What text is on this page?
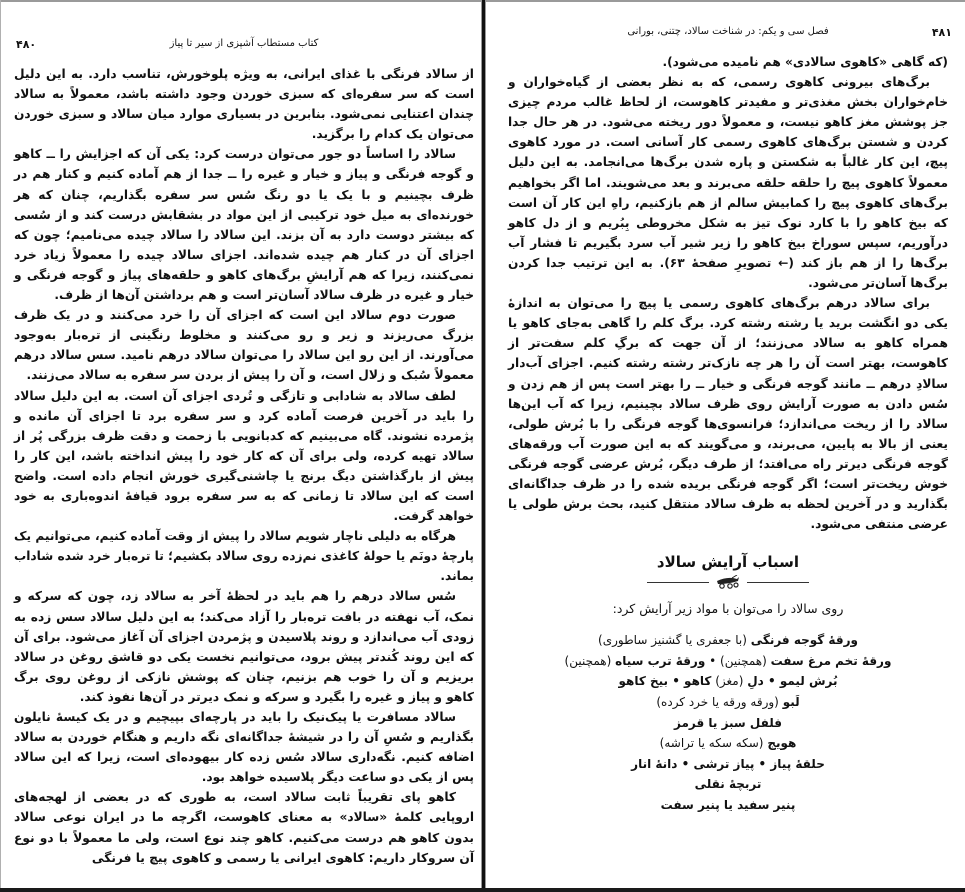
کتاب مستطاب آشپزی از سیر تا پیاز
۴۸۰

از سالاد فرنگی با غذای ایرانی، به ویژه پلوخورش، تناسب دارد. به این دلیل است که سر سفره‌ای که سبزی خوردن وجود داشته باشد، معمولاً به سالاد چندان اعتنایی نمی‌شود. بنابرین در بسیاری موارد میان سالاد و سبزی خوردن می‌توان یک کدام را برگزید.

سالاد را اساساً دو جور می‌توان درست کرد: یکی آن که اجزایش را ــ کاهو و گوجه فرنگی و پیاز و خیار و غیره را ــ جدا از هم آماده کنیم و کنار هم در ظرف بچینیم و با یک یا دو رنگ سُس سر سفره بگذاریم، چنان که هر خورنده‌ای به میل خود ترکیبی از این مواد در بشقابش درست کند و از سُسی که بیشتر دوست دارد به آن بزند. این سالاد را سالاد چیده می‌نامیم؛ چون که اجزای آن در کنار هم چیده شده‌اند. اجزای سالاد چیده را معمولاً زیاد خرد نمی‌کنند، زیرا که هم آرایشِ برگ‌های کاهو و حلقه‌های پیاز و گوجه فرنگی و خیار و غیره در ظرف سالاد آسان‌تر است و هم برداشتن آن‌ها از ظرف.

صورت دوم سالاد این است که اجزای آن را خرد می‌کنند و در یک ظرف بزرگ می‌ریزند و زیر و رو می‌کنند و مخلوط رنگینی از تره‌بار به‌وجود می‌آورند. از این رو این سالاد را می‌توان سالاد درهم نامید. سس سالاد درهم معمولاً سُبک و زلال است، و آن را پیش از بردن سر سفره به سالاد می‌زنند.

لطف سالاد به شادابی و تازگی و تُردی اجزای آن است. به این دلیل سالاد را باید در آخرین فرصت آماده کرد و سر سفره برد تا اجزای آن مانده و پژمرده نشوند. گاه می‌بینیم که کدبانویی با زحمت و دقت ظرف بزرگی پُر از سالاد تهیه کرده، ولی برای آن که کار خود را پیش انداخته باشد، این کار را پیش از بارگذاشتن دیگ برنج یا چاشنی‌گیری خورش انجام داده است. واضح است که این سالاد تا زمانی که به سر سفره برود قیافهٔ اندوه‌باری به خود خواهد گرفت.

هرگاه به دلیلی ناچار شویم سالاد را پیش از وقت آماده کنیم، می‌توانیم یک پارچهٔ دونَم یا حولهٔ کاغذی نم‌زده روی سالاد بکشیم؛ تا تره‌بار خرد شده شاداب بماند.

سُس سالاد درهم را هم باید در لحظهٔ آخر به سالاد زد، چون که سرکه و نمک، آب نهفته در بافت تره‌بار را آزاد می‌کند؛ به این دلیل سالاد سس زده به زودی آب می‌اندازد و روند پلاسیدن و پژمردن اجزای آن آغاز می‌شود. برای آن که این روند کُندتر پیش برود، می‌توانیم نخست یکی دو قاشق روغن در سالاد بریزیم و آن را خوب هم بزنیم، چنان که پوشش نازکی از روغن روی برگ کاهو و پیاز و غیره را بگیرد و سرکه و نمک دیرتر در آن‌ها نفوذ کند.

سالاد مسافرت یا پیک‌نیک را باید در پارچه‌ای بپیچیم و در یک کیسهٔ نایلون بگذاریم و سُسِ آن را در شیشهٔ جداگانه‌ای نگه داریم و هنگام خوردن به سالاد اضافه کنیم. نگه‌داری سالاد سُس زده کار بیهوده‌ای است، زیرا که این سالاد پس از یکی دو ساعت دیگر پلاسیده خواهد بود.

کاهو پای تقریباً ثابت سالاد است، به طوری که در بعضی از لهجه‌های اروپایی کلمهٔ «سالاد» به معنای کاهوست، اگرچه ما در ایران نوعی سالاد بدون کاهو هم درست می‌کنیم. کاهو چند نوع است، ولی ما معمولاً با دو نوع آن سروکار داریم: کاهوی ایرانی یا رسمی و کاهوی پیچ یا فرنگی

فصل سی و یکم: در شناخت سالاد، چتنی، بورانی	۴۸۱

(که گاهی «کاهوی سالادی» هم نامیده می‌شود).

برگ‌های بیرونی کاهوی رسمی، که به نظر بعضی از گیاه‌خواران و خام‌خواران بخش مغذی‌تر و مفیدتر کاهوست، از لحاظ غالب مردم چیزی جز پوشش مغز کاهو نیست، و معمولاً دور ریخته می‌شود. در هر حال جدا کردن و شستن برگ‌های کاهوی رسمی کار آسانی است. در مورد کاهوی پیچ، این کار غالباً به شکستن و پاره شدن برگ‌ها می‌انجامد. به این دلیل معمولاً کاهوی پیچ را حلقه حلقه می‌برند و بعد می‌شویند. اما اگر بخواهیم برگ‌های کاهوی پیچ را کمابیش سالم از هم بازکنیم، راهِ این کار آن است که بیخ کاهو را با کارد نوک تیز به شکل مخروطی بِبُریم و از دل کاهو درآوریم، سپس سوراخ بیخ کاهو را زیر شیر آب سرد بگیریم تا فشار آب برگ‌ها را از هم باز کند (← تصویرِ صفحهٔ ۶۳). به این ترتیب جدا کردن برگ‌ها آسان‌تر می‌شود.

برای سالاد درهم برگ‌های کاهوی رسمی یا پیچ را می‌توان به اندازهٔ یکی دو انگشت برید یا رشته رشته کرد. برگ کلم را گاهی به‌جای کاهو یا همراه کاهو به سالاد می‌زنند؛ از آن جهت که برگِ کلم سفت‌تر از کاهوست، بهتر است آن را هر چه نازک‌تر رشته رشته کنیم. اجزای آب‌دار سالادِ درهم ــ مانند گوجه فرنگی و خیار ــ را بهتر است پس از هم زدن و سُس دادن به صورت آرایش روی ظرف سالاد بچینیم، زیرا که آب این‌ها سالاد را از ریخت می‌اندازد؛ فرانسوی‌ها گوجه فرنگی را با بُرش طولی، یعنی از بالا به پایین، می‌برند، و می‌گویند که به این صورت آب ورقه‌های گوجه فرنگی دیرتر راه می‌افتد؛ از طرف دیگر، بُرش عرضی گوجه فرنگی خوش ریخت‌تر است؛ اگر گوجه فرنگی بریده شده را در ظرف جداگانه‌ای بگذارید و در آخرین لحظه به ظرف سالاد منتقل کنید، بحث برش طولی یا عرضی منتفی می‌شود.

اسباب آرایش سالاد
روی سالاد را می‌توان با مواد زیر آرایش کرد:
ورقهٔ گوجه فرنگی (با جعفری یا گشنیز ساطوری)
ورقهٔ تخم مرغ سفت (همچنین) • ورقهٔ ترب سیاه (همچنین)
بُرش لیمو • دلِ (مغز) کاهو • بیخ کاهو
لَبو (ورقه ورقه یا خرد کرده)
فلفل سبز یا قرمز
هویج (سکه سکه یا تراشه)
حلقهٔ پیاز • پیاز ترشی • دانهٔ انار
تربچهٔ نقلی
پنیر سفید یا پنیر سفت
